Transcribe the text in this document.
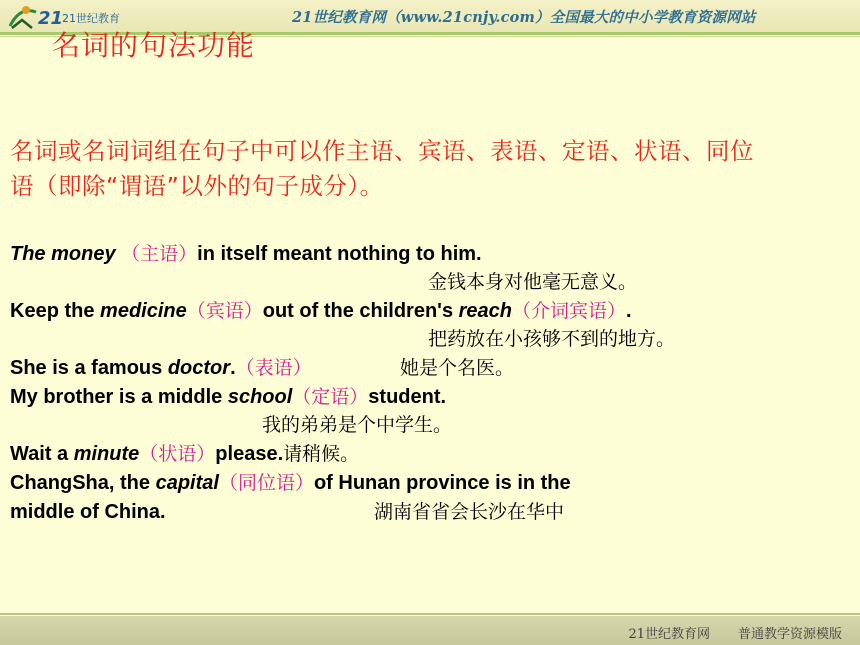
21
21世纪教育	21世纪教育网（www.21cnjy.com）全国最大的中小学教育资源网站
名词的句法功能
名词或名词词组在句子中可以作主语、宾语、表语、定语、状语、同位语（即除“谓语”以外的句子成分）。
The money （主语）in itself meant nothing to him.
金钱本身对他毫无意义。
Keep the medicine（宾语）out of the children's reach（介词宾语）.
把药放在小孩够不到的地方。
She is a famous doctor.（表语）	她是个名医。
My brother is a middle school（定语）student.
我的弟弟是个中学生。
Wait a minute（状语）please.请稍候。
ChangSha, the capital（同位语）of Hunan province is in the
middle of China.	湖南省省会长沙在华中
21世纪教育网 普通教学资源模版
